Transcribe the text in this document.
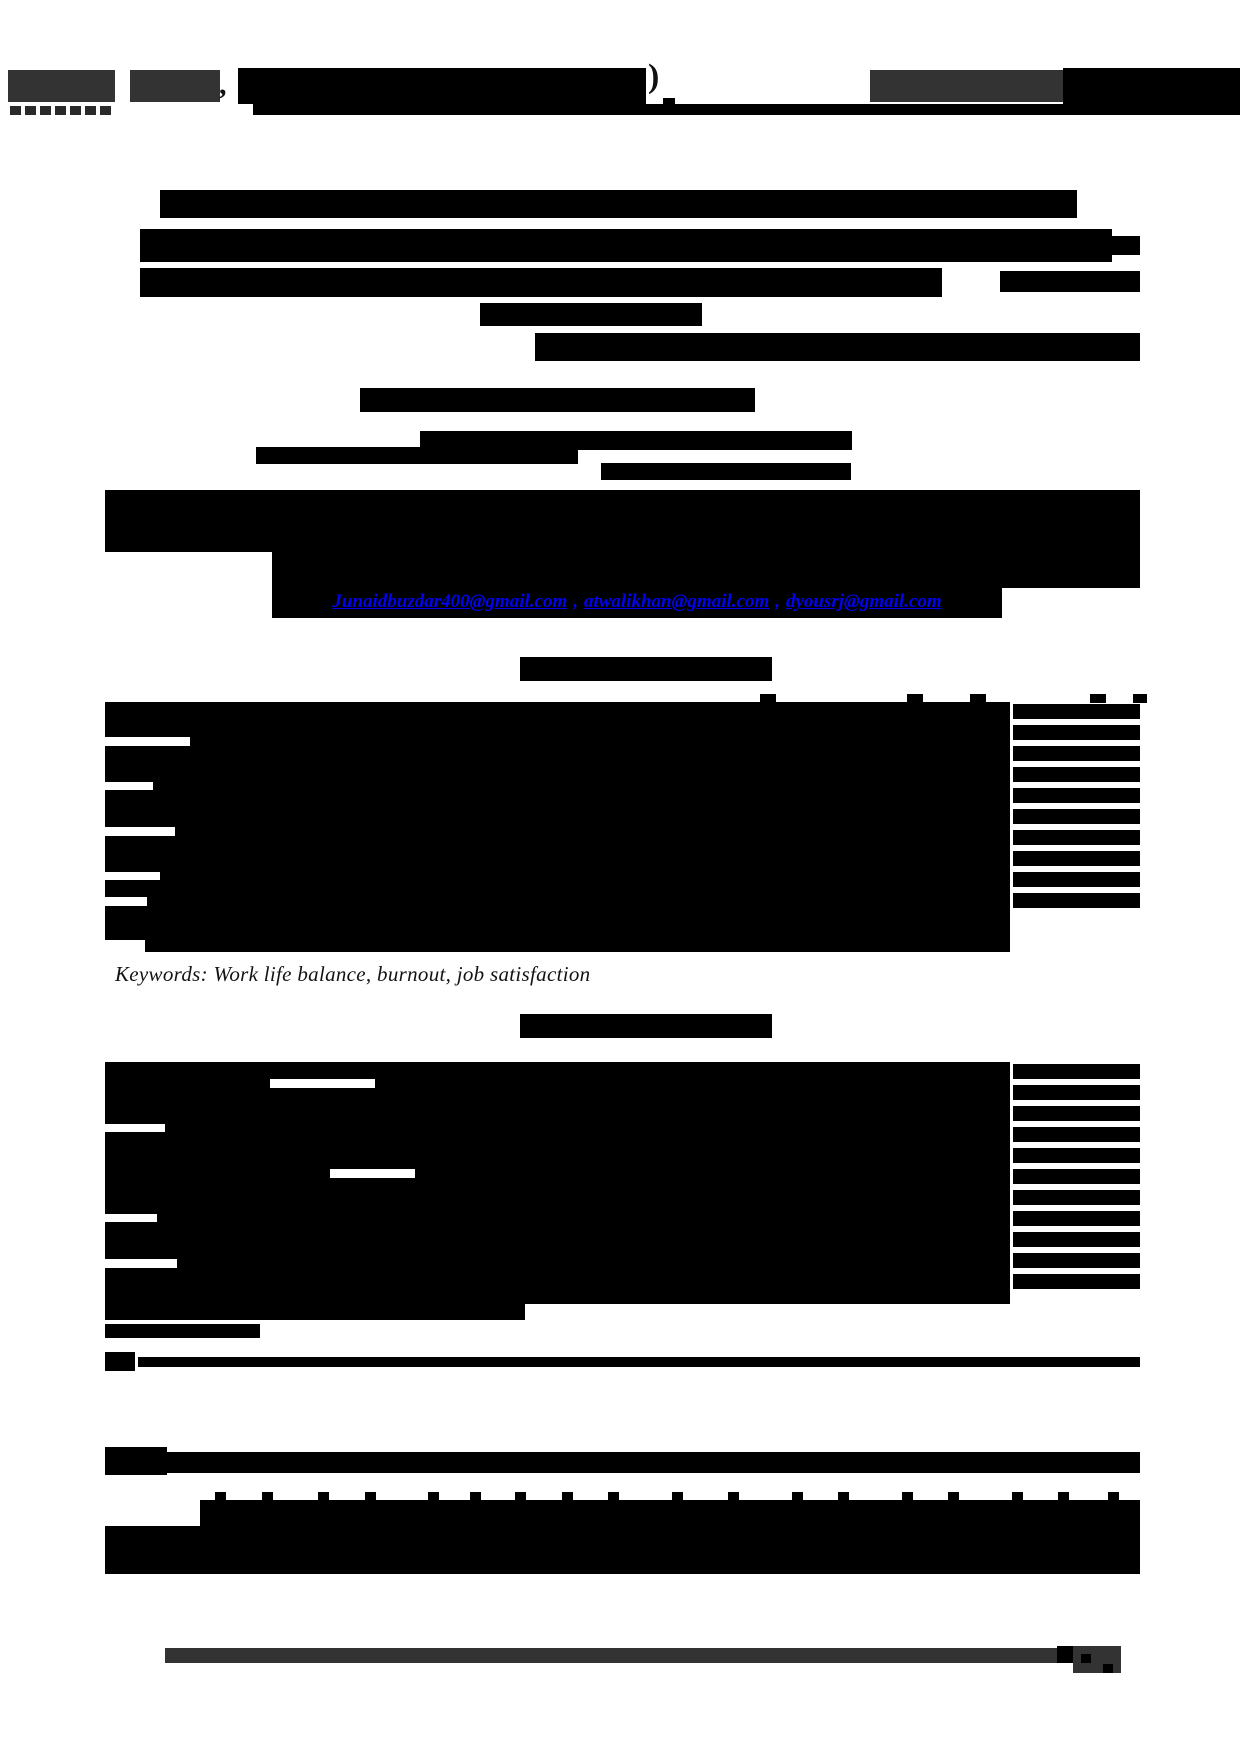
,	)
Junaidbuzdar400@gmail.com , atwalikhan@gmail.com , dyousrj@gmail.com
Keywords: Work life balance, burnout, job satisfaction
